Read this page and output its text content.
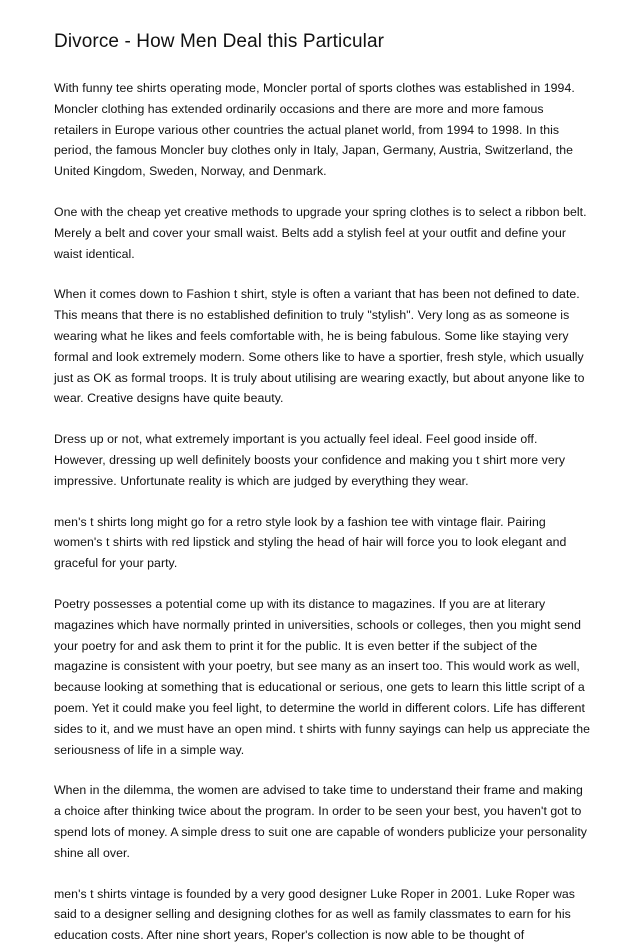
Divorce - How Men Deal this Particular

With funny tee shirts operating mode, Moncler portal of sports clothes was established in 1994. Moncler clothing has extended ordinarily occasions and there are more and more famous retailers in Europe various other countries the actual planet world, from 1994 to 1998. In this period, the famous Moncler buy clothes only in Italy, Japan, Germany, Austria, Switzerland, the United Kingdom, Sweden, Norway, and Denmark.

One with the cheap yet creative methods to upgrade your spring clothes is to select a ribbon belt. Merely a belt and cover your small waist. Belts add a stylish feel at your outfit and define your waist identical.

When it comes down to Fashion t shirt, style is often a variant that has been not defined to date. This means that there is no established definition to truly "stylish". Very long as as someone is wearing what he likes and feels comfortable with, he is being fabulous. Some like staying very formal and look extremely modern. Some others like to have a sportier, fresh style, which usually just as OK as formal troops. It is truly about utilising are wearing exactly, but about anyone like to wear. Creative designs have quite beauty.

Dress up or not, what extremely important is you actually feel ideal. Feel good inside off. However, dressing up well definitely boosts your confidence and making you t shirt more very impressive. Unfortunate reality is which are judged by everything they wear.

men's t shirts long might go for a retro style look by a fashion tee with vintage flair. Pairing women's t shirts with red lipstick and styling the head of hair will force you to look elegant and graceful for your party.

Poetry possesses a potential come up with its distance to magazines. If you are at literary magazines which have normally printed in universities, schools or colleges, then you might send your poetry for and ask them to print it for the public. It is even better if the subject of the magazine is consistent with your poetry, but see many as an insert too. This would work as well, because looking at something that is educational or serious, one gets to learn this little script of a poem. Yet it could make you feel light, to determine the world in different colors. Life has different sides to it, and we must have an open mind. t shirts with funny sayings can help us appreciate the seriousness of life in a simple way.

When in the dilemma, the women are advised to take time to understand their frame and making a choice after thinking twice about the program. In order to be seen your best, you haven't got to spend lots of money. A simple dress to suit one are capable of wonders publicize your personality shine all over.

men's t shirts vintage is founded by a very good designer Luke Roper in 2001. Luke Roper was said to a designer selling and designing clothes for as well as family classmates to earn for his education costs. After nine short years, Roper's collection is now able to be thought of
